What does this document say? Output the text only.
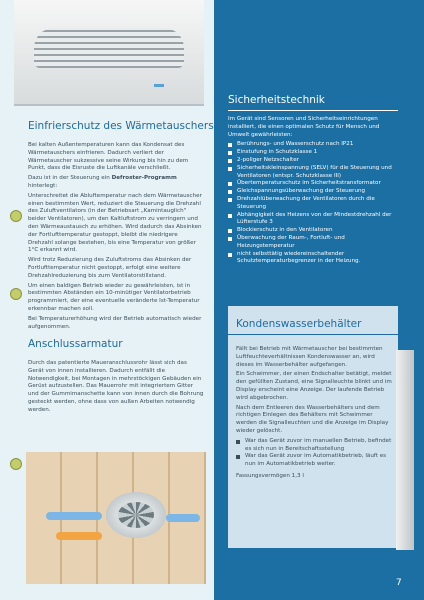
Einfrierschutz des Wärmetauschers

Bei kalten Außentemperaturen kann das Kondensat des Wärmetauschers einfrieren. Dadurch verliert der Wärmetauscher sukzessive seine Wirkung bis hin zu dem Punkt, dass die Eisruste die Luftkanäle verschließt.

Dazu ist in der Steuerung ein Defroster-Programm hinterlegt:

Unterschreitet die Abluftemperatur nach dem Wärmetauscher einen bestimmten Wert, reduziert die Steuerung die Drehzahl des Zuluftventilators (in der Betriebsart „Kamintauglich" beider Ventilatoren), um den Kaltluftstrom zu verringern und den Wärmeaustausch zu erhöhen. Wird dadurch das Absinken der Fortlufttemperatur gestoppt, bleibt die niedrigere Drehzahl solange bestehen, bis eine Temperatur von größer 1°C erkannt wird.

Wird trotz Reduzierung des Zuluftstroms das Absinken der Fortlufttemperatur nicht gestoppt, erfolgt eine weitere Drehzahlreduzierung bis zum Ventilatorstillstand.

Um einen baldigen Betrieb wieder zu gewährleisten, ist in bestimmten Abständen ein 10-minütiger Ventilatorbetrieb programmiert, der eine eventuelle veränderte Ist-Temperatur erkennbar machen soll.

Bei Temperaturerhöhung wird der Betrieb automatisch wieder aufgenommen.

Anschlussarmatur

Durch das patentierte Maueranschlussrohr lässt sich das Gerät von innen installieren. Dadurch entfällt die Notwendigkeit, bei Montagen in mehrstöckigen Gebäuden ein Gerüst aufzustellen. Das Mauerrohr mit integriertem Gitter und der Gummimanschette kann von innen durch die Bohrung gesteckt werden, ohne dass von außen Arbeiten notwendig werden.

Sicherheitstechnik

Im Gerät sind Sensoren und Sicherheitseinrichtungen installiert, die einen optimalen Schutz für Mensch und Umwelt gewährleisten:

Berührungs- und Wasserschutz nach IP21
Einstufung in Schutzklasse 1
2-poliger Netzschalter
Sicherheitskleinspannung (SELV) für die Steuerung und Ventilatoren (entspr. Schutzklasse III)
Übertemperaturschutz im Sicherheitstransformator
Gleichspannungsüberwachung der Steuerung
Drehzahlüberwachung der Ventilatoren durch die Steuerung
Abhängigkeit des Heizens von der Mindestdrehzahl der Lüfterstufe 3
Blockierschutz in den Ventilatoren
Überwachung der Raum-, Fortluft- und Heizungstemperatur
nicht selbsttätig wiedereinschaltender Schutztemperaturbegrenzer in der Heizung.
Kondenswasserbehälter

Fällt bei Betrieb mit Wärmetauscher bei bestimmten Luftfeuchteverhältnissen Kondenswasser an, wird dieses im Wasserbehälter aufgefangen.

Ein Schwimmer, der einen Endschalter betätigt, meldet den gefüllten Zustand, eine Signalleuchte blinkt und im Display erscheint eine Anzeige. Der laufende Betrieb wird abgebrochen.

Nach dem Entleeren des Wasserbehälters und dem richtigen Einlegen des Behälters mit Schwimmer werden die Signalleuchten und die Anzeige im Display wieder gelöscht.

War das Gerät zuvor im manuellen Betrieb, befindet es sich nun in Bereitschaftsstellung
War das Gerät zuvor im Automatikbetrieb, läuft es nun im Automatikbetrieb weiter.

Fassungsvermögen 1,3 l

7
